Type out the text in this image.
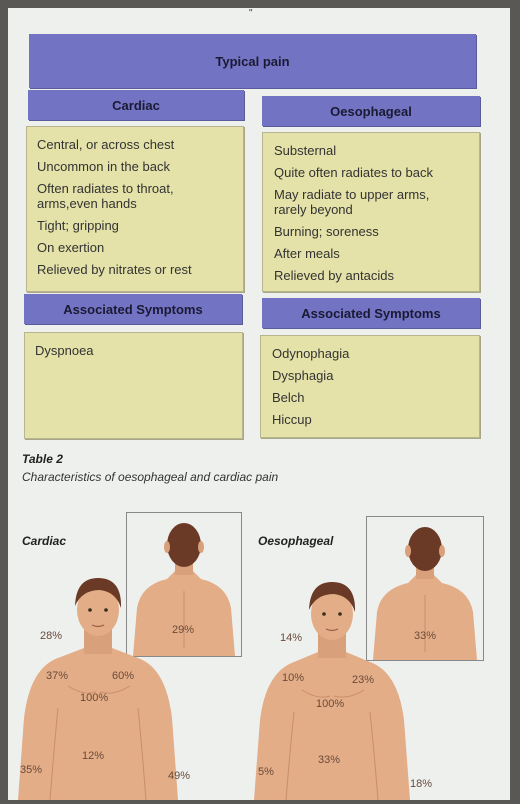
"
Typical pain
Cardiac
Central, or across chest
Uncommon in the back
Often radiates to throat, arms,even hands
Tight; gripping
On exertion
Relieved by nitrates or rest
Associated Symptoms
Dyspnoea
Oesophageal
Substernal
Quite often radiates to back
May radiate to upper arms, rarely beyond
Burning; soreness
After meals
Relieved by antacids
Associated Symptoms
Odynophagia
Dysphagia
Belch
Hiccup
Table 2
Characteristics of oesophageal and cardiac pain
Cardiac
29%
28%
37%	60%
100%
12%
35%	49%
Oesophageal
33%
14%
10%	23%
100%
33%
5%
18%
